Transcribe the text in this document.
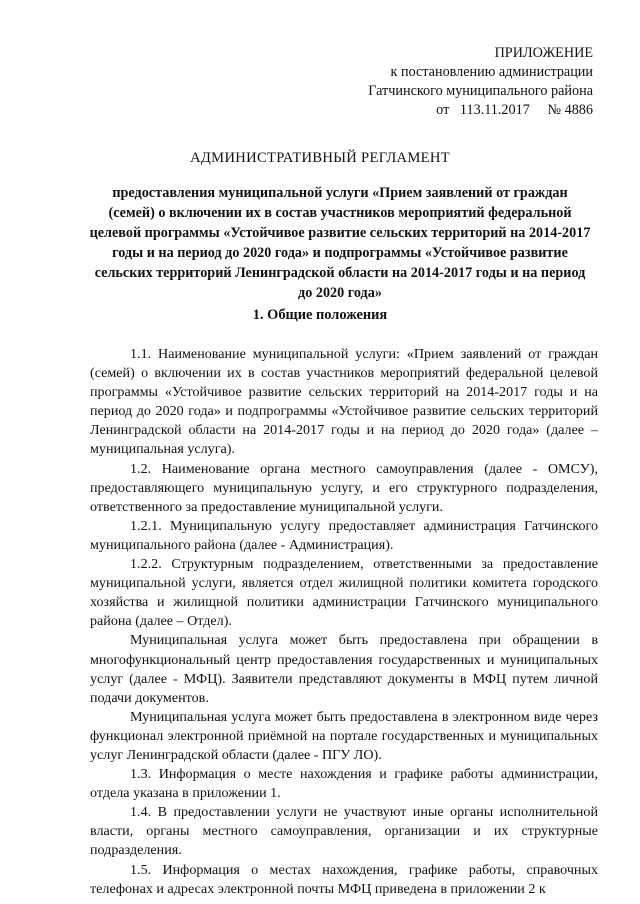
ПРИЛОЖЕНИЕ
к постановлению администрации
Гатчинского муниципального района
от   113.11.2017     № 4886
АДМИНИСТРАТИВНЫЙ РЕГЛАМЕНТ
предоставления муниципальной услуги «Прием заявлений от граждан (семей) о включении их в состав участников мероприятий федеральной целевой программы «Устойчивое развитие сельских территорий на 2014-2017 годы и на период до 2020 года» и подпрограммы «Устойчивое развитие сельских территорий Ленинградской области на 2014-2017 годы и на период до 2020 года»
1. Общие положения

1.1. Наименование муниципальной услуги: «Прием заявлений от граждан (семей) о включении их в состав участников мероприятий федеральной целевой программы «Устойчивое развитие сельских территорий на 2014-2017 годы и на период до 2020 года» и подпрограммы «Устойчивое развитие сельских территорий Ленинградской области на 2014-2017 годы и на период до 2020 года» (далее – муниципальная услуга).

1.2. Наименование органа местного самоуправления (далее - ОМСУ), предоставляющего муниципальную услугу, и его структурного подразделения, ответственного за предоставление муниципальной услуги.

1.2.1. Муниципальную услугу предоставляет администрация Гатчинского муниципального района (далее - Администрация).

1.2.2. Структурным подразделением, ответственными за предоставление муниципальной услуги, является отдел жилищной политики комитета городского хозяйства и жилищной политики администрации Гатчинского муниципального района (далее – Отдел).

Муниципальная услуга может быть предоставлена при обращении в многофункциональный центр предоставления государственных и муниципальных услуг (далее - МФЦ). Заявители представляют документы в МФЦ путем личной подачи документов.

Муниципальная услуга может быть предоставлена в электронном виде через функционал электронной приёмной на портале государственных и муниципальных услуг Ленинградской области (далее - ПГУ ЛО).

1.3. Информация о месте нахождения и графике работы администрации, отдела указана в приложении 1.

1.4. В предоставлении услуги не участвуют иные органы исполнительной власти, органы местного самоуправления, организации и их структурные подразделения.

1.5. Информация о местах нахождения, графике работы, справочных телефонах и адресах электронной почты МФЦ приведена в приложении 2 к
